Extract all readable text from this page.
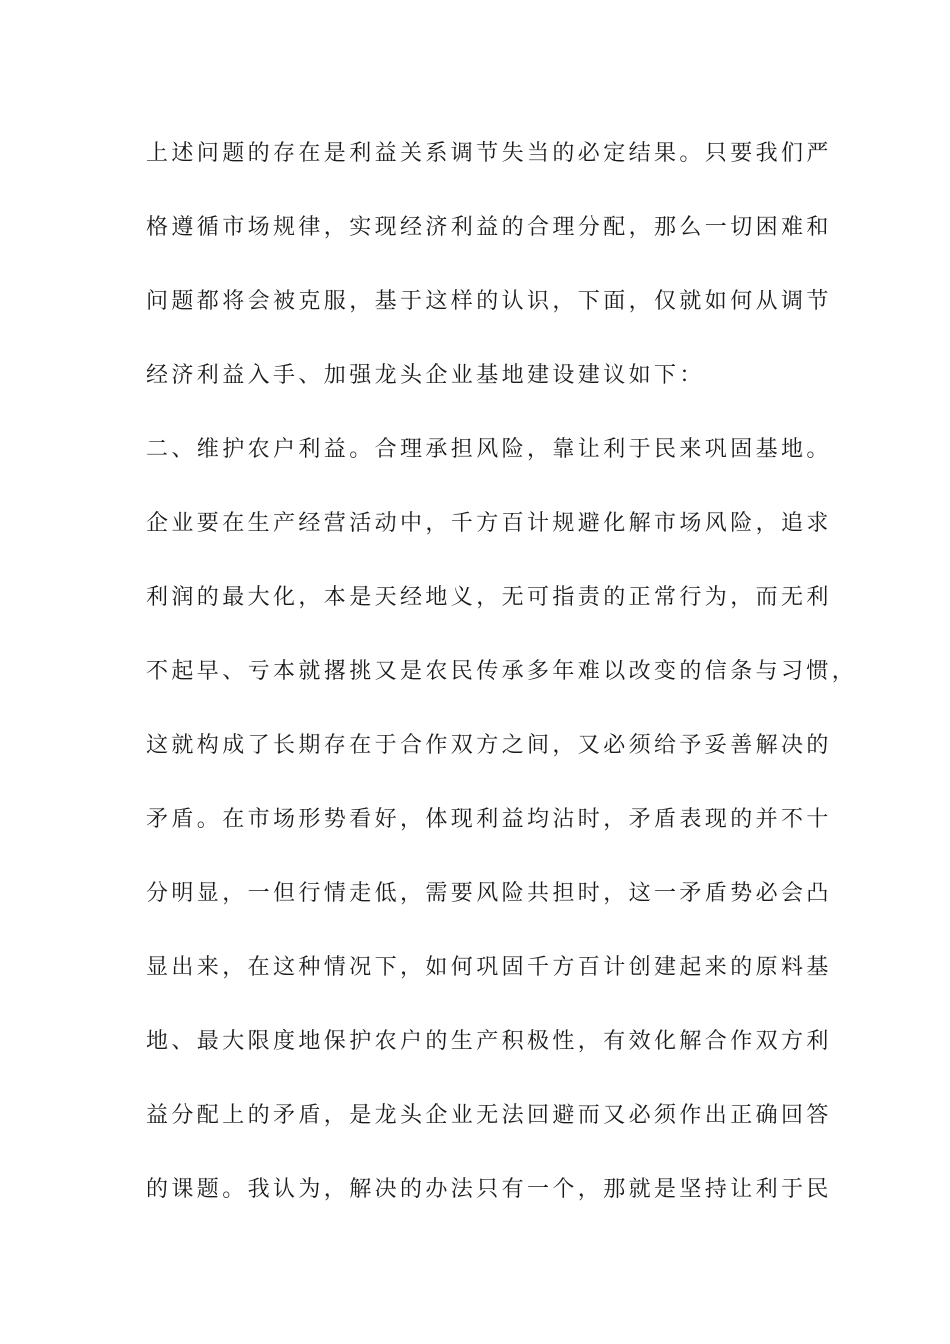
上述问题的存在是利益关系调节失当的必定结果。只要我们严

格遵循市场规律，实现经济利益的合理分配，那么一切困难和

问题都将会被克服，基于这样的认识，下面，仅就如何从调节

经济利益入手、加强龙头企业基地建设建议如下：

二、维护农户利益。合理承担风险，靠让利于民来巩固基地。

企业要在生产经营活动中，千方百计规避化解市场风险，追求

利润的最大化，本是天经地义，无可指责的正常行为，而无利

不起早、亏本就撂挑又是农民传承多年难以改变的信条与习惯，

这就构成了长期存在于合作双方之间，又必须给予妥善解决的

矛盾。在市场形势看好，体现利益均沾时，矛盾表现的并不十

分明显，一但行情走低，需要风险共担时，这一矛盾势必会凸

显出来，在这种情况下，如何巩固千方百计创建起来的原料基

地、最大限度地保护农户的生产积极性，有效化解合作双方利

益分配上的矛盾，是龙头企业无法回避而又必须作出正确回答

的课题。我认为，解决的办法只有一个，那就是坚持让利于民
